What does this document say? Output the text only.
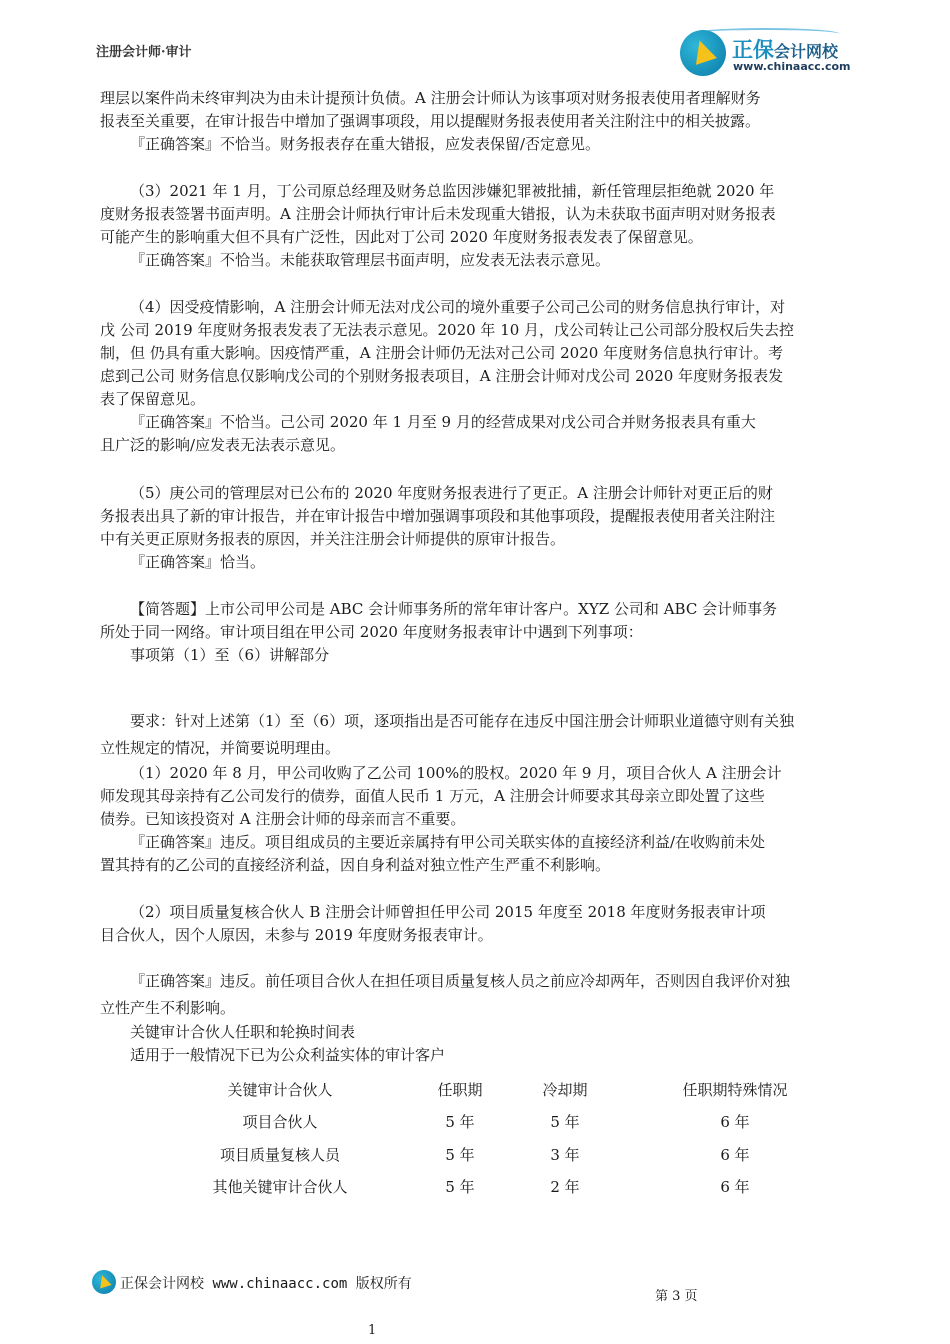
注册会计师·审计	正保会计网校
www.chinaacc.com
理层以案件尚未终审判决为由未计提预计负债。A 注册会计师认为该事项对财务报表使用者理解财务
报表至关重要，在审计报告中增加了强调事项段，用以提醒财务报表使用者关注附注中的相关披露。
『正确答案』不恰当。财务报表存在重大错报，应发表保留/否定意见。
（3）2021 年 1 月，丁公司原总经理及财务总监因涉嫌犯罪被批捕，新任管理层拒绝就 2020 年
度财务报表签署书面声明。A 注册会计师执行审计后未发现重大错报，认为未获取书面声明对财务报表
可能产生的影响重大但不具有广泛性，因此对丁公司 2020 年度财务报表发表了保留意见。
『正确答案』不恰当。未能获取管理层书面声明，应发表无法表示意见。
（4）因受疫情影响，A 注册会计师无法对戊公司的境外重要子公司己公司的财务信息执行审计，对
戊 公司 2019 年度财务报表发表了无法表示意见。2020 年 10 月，戊公司转让己公司部分股权后失去控
制，但 仍具有重大影响。因疫情严重，A 注册会计师仍无法对己公司 2020 年度财务信息执行审计。考
虑到己公司 财务信息仅影响戊公司的个别财务报表项目，A 注册会计师对戊公司 2020 年度财务报表发
表了保留意见。
『正确答案』不恰当。己公司 2020 年 1 月至 9 月的经营成果对戊公司合并财务报表具有重大
且广泛的影响/应发表无法表示意见。
（5）庚公司的管理层对已公布的 2020 年度财务报表进行了更正。A 注册会计师针对更正后的财
务报表出具了新的审计报告，并在审计报告中增加强调事项段和其他事项段，提醒报表使用者关注附注
中有关更正原财务报表的原因，并关注注册会计师提供的原审计报告。
『正确答案』恰当。
【简答题】上市公司甲公司是 ABC 会计师事务所的常年审计客户。XYZ 公司和 ABC 会计师事务
所处于同一网络。审计项目组在甲公司 2020 年度财务报表审计中遇到下列事项：
事项第（1）至（6）讲解部分
要求：针对上述第（1）至（6）项，逐项指出是否可能存在违反中国注册会计师职业道德守则有关独
立性规定的情况，并简要说明理由。
（1）2020 年 8 月，甲公司收购了乙公司 100%的股权。2020 年 9 月，项目合伙人 A 注册会计
师发现其母亲持有乙公司发行的债券，面值人民币 1 万元，A 注册会计师要求其母亲立即处置了这些
债券。已知该投资对 A 注册会计师的母亲而言不重要。
『正确答案』违反。项目组成员的主要近亲属持有甲公司关联实体的直接经济利益/在收购前未处
置其持有的乙公司的直接经济利益，因自身利益对独立性产生严重不利影响。
（2）项目质量复核合伙人 B 注册会计师曾担任甲公司 2015 年度至 2018 年度财务报表审计项
目合伙人，因个人原因，未参与 2019 年度财务报表审计。
『正确答案』违反。前任项目合伙人在担任项目质量复核人员之前应冷却两年，否则因自我评价对独
立性产生不利影响。
关键审计合伙人任职和轮换时间表
适用于一般情况下已为公众利益实体的审计客户
关键审计合伙人	任职期	冷却期	任职期特殊情况
项目合伙人	5 年	5 年	6 年
项目质量复核人员	5 年	3 年	6 年
其他关键审计合伙人	5 年	2 年	6 年
正保会计网校 www.chinaacc.com 版权所有
第 3 页
1
